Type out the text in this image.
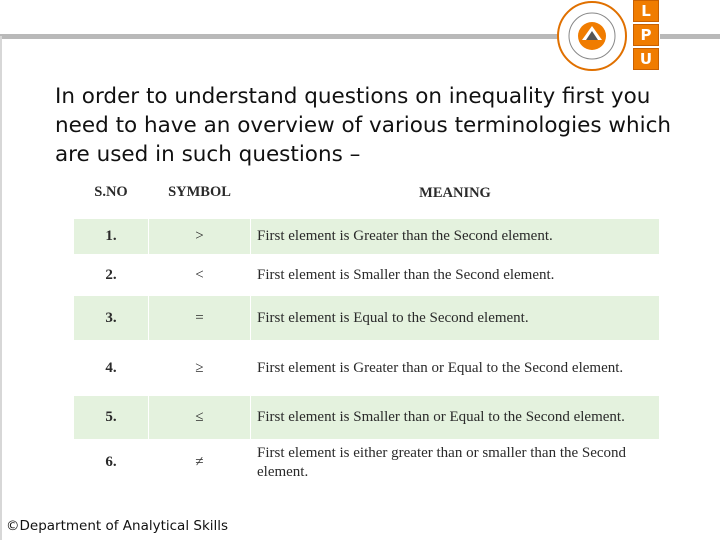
L
P
U

In order to understand questions on inequality first you need to have an overview of various terminologies which are used in such questions –

S.NO	SYMBOL	MEANING
1.	>	First element is Greater than the Second element.
2.	<	First element is Smaller than the Second element.
3.	=	First element is Equal to the Second element.
4.	≥	First element is Greater than or Equal to the Second element.
5.	≤	First element is Smaller than or Equal to the Second element.
6.	≠	First element is either greater than or smaller than the Second element.
©Department of Analytical Skills
